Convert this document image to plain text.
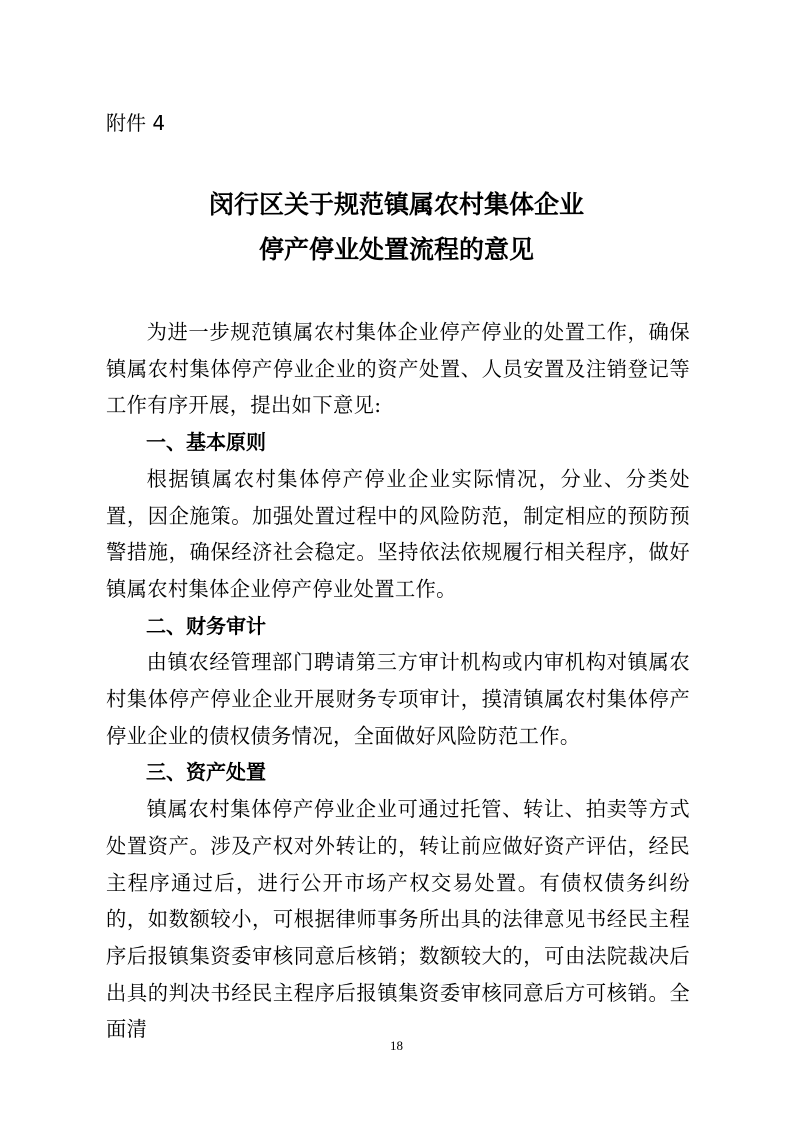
附件 4

闵行区关于规范镇属农村集体企业
停产停业处置流程的意见

为进一步规范镇属农村集体企业停产停业的处置工作，确保镇属农村集体停产停业企业的资产处置、人员安置及注销登记等工作有序开展，提出如下意见:

一、基本原则

根据镇属农村集体停产停业企业实际情况，分业、分类处置，因企施策。加强处置过程中的风险防范，制定相应的预防预警措施，确保经济社会稳定。坚持依法依规履行相关程序，做好镇属农村集体企业停产停业处置工作。

二、财务审计

由镇农经管理部门聘请第三方审计机构或内审机构对镇属农村集体停产停业企业开展财务专项审计，摸清镇属农村集体停产停业企业的债权债务情况，全面做好风险防范工作。

三、资产处置

镇属农村集体停产停业企业可通过托管、转让、拍卖等方式处置资产。涉及产权对外转让的，转让前应做好资产评估，经民主程序通过后，进行公开市场产权交易处置。有债权债务纠纷的，如数额较小，可根据律师事务所出具的法律意见书经民主程序后报镇集资委审核同意后核销；数额较大的，可由法院裁决后出具的判决书经民主程序后报镇集资委审核同意后方可核销。全面清

18
